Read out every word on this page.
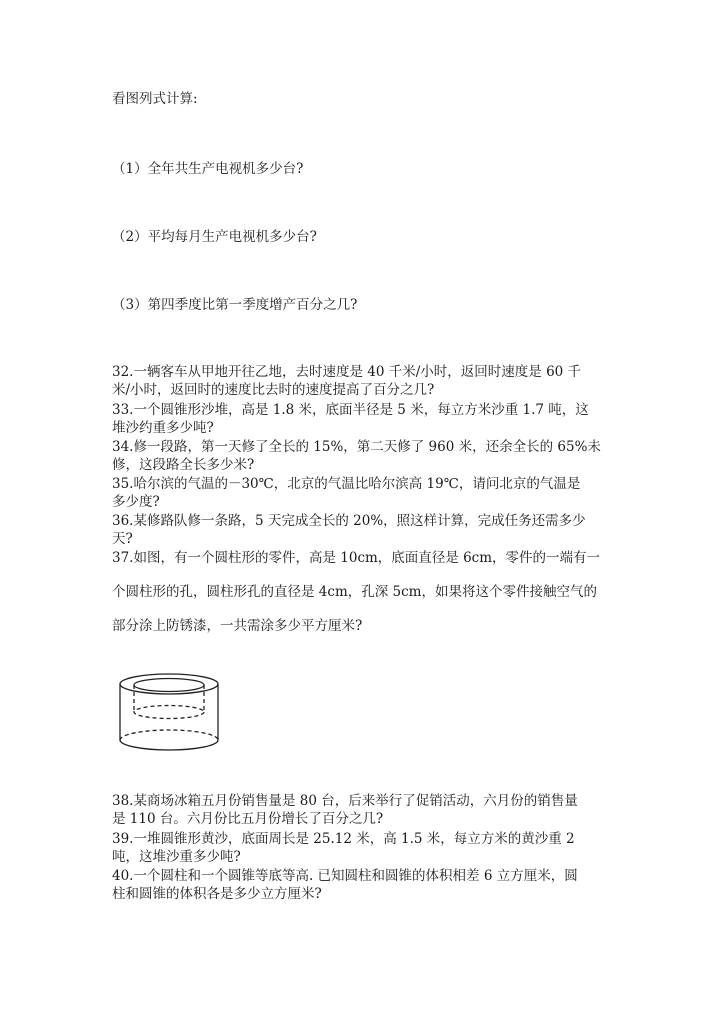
看图列式计算:
（1）全年共生产电视机多少台?
（2）平均每月生产电视机多少台?
（3）第四季度比第一季度增产百分之几?

32.一辆客车从甲地开往乙地，去时速度是 40 千米/小时，返回时速度是 60 千

米/小时，返回时的速度比去时的速度提高了百分之几?

33.一个圆锥形沙堆，高是 1.8 米，底面半径是 5 米，每立方米沙重 1.7 吨，这

堆沙约重多少吨?

34.修一段路，第一天修了全长的 15%，第二天修了 960 米，还余全长的 65%未

修，这段路全长多少米?

35.哈尔滨的气温的－30℃，北京的气温比哈尔滨高 19℃，请问北京的气温是

多少度?

36.某修路队修一条路，5 天完成全长的 20%，照这样计算，完成任务还需多少

天?

37.如图，有一个圆柱形的零件，高是 10cm，底面直径是 6cm，零件的一端有一

个圆柱形的孔，圆柱形孔的直径是 4cm，孔深 5cm，如果将这个零件接触空气的

部分涂上防锈漆，一共需涂多少平方厘米?

38.某商场冰箱五月份销售量是 80 台，后来举行了促销活动，六月份的销售量

是 110 台。六月份比五月份增长了百分之几?

39.一堆圆锥形黄沙，底面周长是 25.12 米，高 1.5 米，每立方米的黄沙重 2

吨，这堆沙重多少吨?

40.一个圆柱和一个圆锥等底等高. 已知圆柱和圆锥的体积相差 6 立方厘米，圆

柱和圆锥的体积各是多少立方厘米?
